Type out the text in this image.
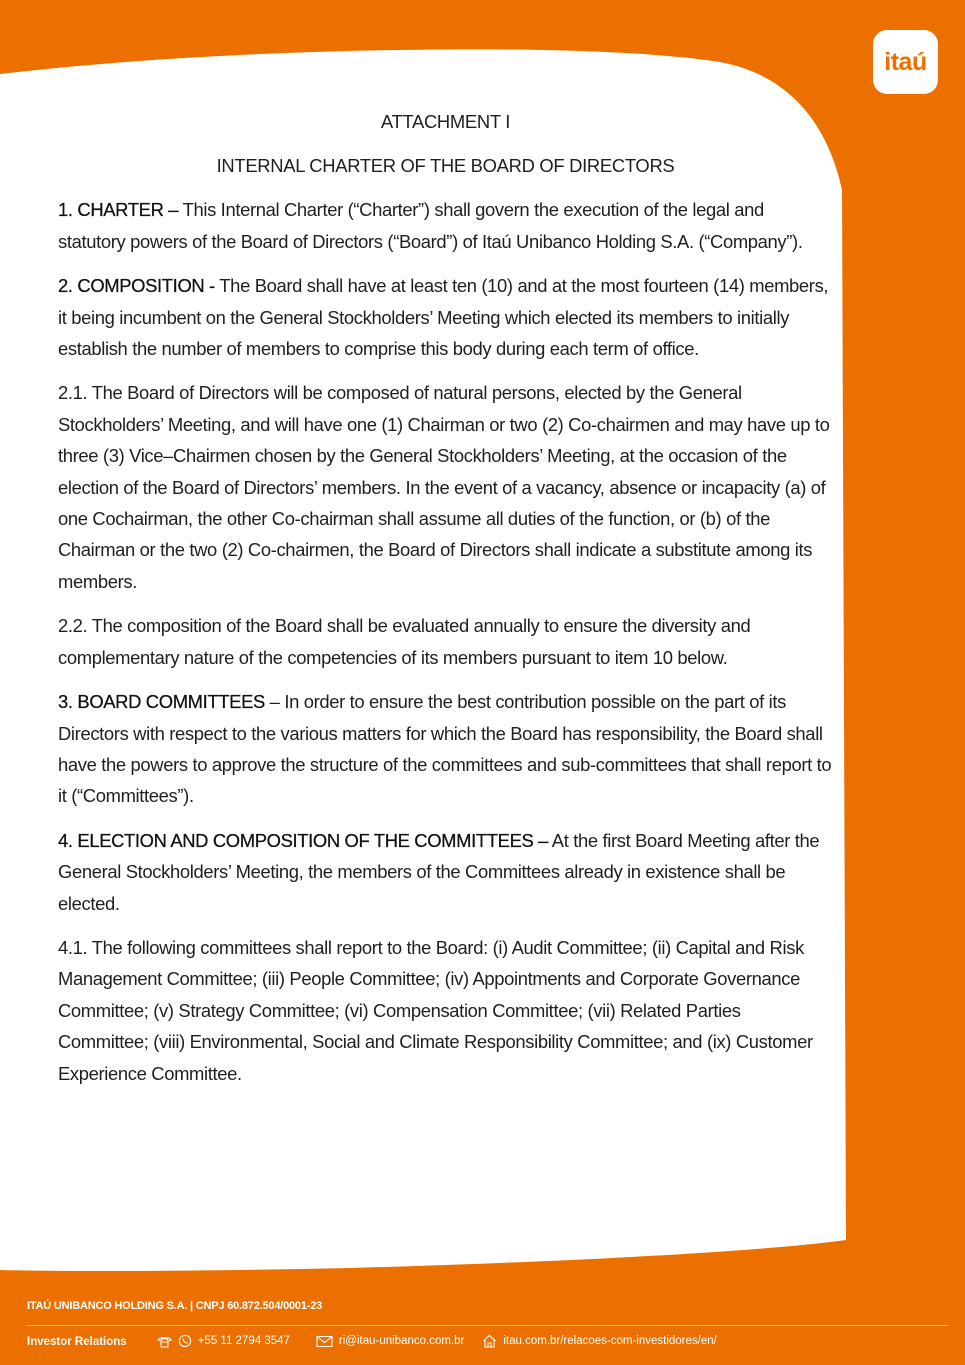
itaú
ATTACHMENT I
INTERNAL CHARTER OF THE BOARD OF DIRECTORS

1. CHARTER – This Internal Charter (“Charter”) shall govern the execution of the legal and statutory powers of the Board of Directors (“Board”) of Itaú Unibanco Holding S.A. (“Company”).

2. COMPOSITION - The Board shall have at least ten (10) and at the most fourteen (14) members, it being incumbent on the General Stockholders’ Meeting which elected its members to initially establish the number of members to comprise this body during each term of office.

2.1. The Board of Directors will be composed of natural persons, elected by the General Stockholders’ Meeting, and will have one (1) Chairman or two (2) Co-chairmen and may have up to three (3) Vice–Chairmen chosen by the General Stockholders’ Meeting, at the occasion of the election of the Board of Directors’ members. In the event of a vacancy, absence or incapacity (a) of one Cochairman, the other Co-chairman shall assume all duties of the function, or (b) of the Chairman or the two (2) Co-chairmen, the Board of Directors shall indicate a substitute among its members.

2.2. The composition of the Board shall be evaluated annually to ensure the diversity and complementary nature of the competencies of its members pursuant to item 10 below.

3. BOARD COMMITTEES – In order to ensure the best contribution possible on the part of its Directors with respect to the various matters for which the Board has responsibility, the Board shall have the powers to approve the structure of the committees and sub-committees that shall report to it (“Committees”).

4. ELECTION AND COMPOSITION OF THE COMMITTEES – At the first Board Meeting after the General Stockholders’ Meeting, the members of the Committees already in existence shall be elected.

4.1. The following committees shall report to the Board: (i) Audit Committee; (ii) Capital and Risk Management Committee; (iii) People Committee; (iv) Appointments and Corporate Governance Committee; (v) Strategy Committee; (vi) Compensation Committee; (vii) Related Parties Committee; (viii) Environmental, Social and Climate Responsibility Committee; and (ix) Customer Experience Committee.

ITAÚ UNIBANCO HOLDING S.A. | CNPJ 60.872.504/0001-23
Investor Relations	+55 11 2794 3547	ri@itau-unibanco.com.br	itau.com.br/relacoes-com-investidores/en/
